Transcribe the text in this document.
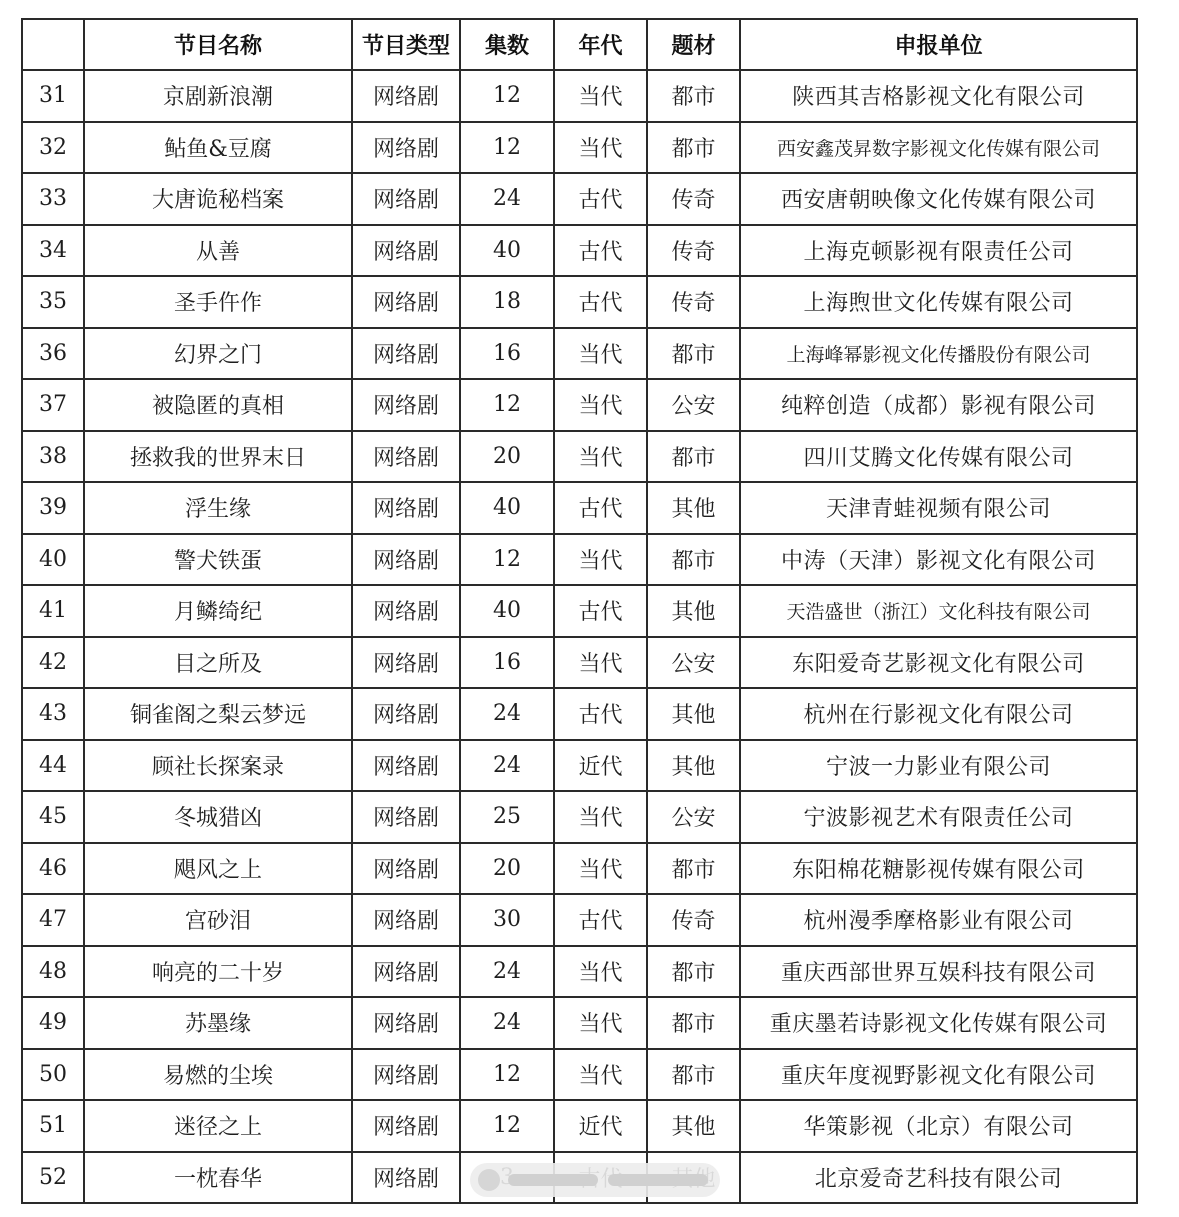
	节目名称	节目类型	集数	年代	题材	申报单位
31	京剧新浪潮	网络剧	12	当代	都市	陕西其吉格影视文化有限公司
32	鲇鱼&豆腐	网络剧	12	当代	都市	西安鑫茂昇数字影视文化传媒有限公司
33	大唐诡秘档案	网络剧	24	古代	传奇	西安唐朝映像文化传媒有限公司
34	从善	网络剧	40	古代	传奇	上海克顿影视有限责任公司
35	圣手仵作	网络剧	18	古代	传奇	上海煦世文化传媒有限公司
36	幻界之门	网络剧	16	当代	都市	上海峰幂影视文化传播股份有限公司
37	被隐匿的真相	网络剧	12	当代	公安	纯粹创造（成都）影视有限公司
38	拯救我的世界末日	网络剧	20	当代	都市	四川艾腾文化传媒有限公司
39	浮生缘	网络剧	40	古代	其他	天津青蛙视频有限公司
40	警犬铁蛋	网络剧	12	当代	都市	中涛（天津）影视文化有限公司
41	月鳞绮纪	网络剧	40	古代	其他	天浩盛世（浙江）文化科技有限公司
42	目之所及	网络剧	16	当代	公安	东阳爱奇艺影视文化有限公司
43	铜雀阁之梨云梦远	网络剧	24	古代	其他	杭州在行影视文化有限公司
44	顾社长探案录	网络剧	24	近代	其他	宁波一力影业有限公司
45	冬城猎凶	网络剧	25	当代	公安	宁波影视艺术有限责任公司
46	飓风之上	网络剧	20	当代	都市	东阳棉花糖影视传媒有限公司
47	宫砂泪	网络剧	30	古代	传奇	杭州漫季摩格影业有限公司
48	响亮的二十岁	网络剧	24	当代	都市	重庆西部世界互娱科技有限公司
49	苏墨缘	网络剧	24	当代	都市	重庆墨若诗影视文化传媒有限公司
50	易燃的尘埃	网络剧	12	当代	都市	重庆年度视野影视文化有限公司
51	迷径之上	网络剧	12	近代	其他	华策影视（北京）有限公司
52	一枕春华	网络剧				北京爱奇艺科技有限公司
